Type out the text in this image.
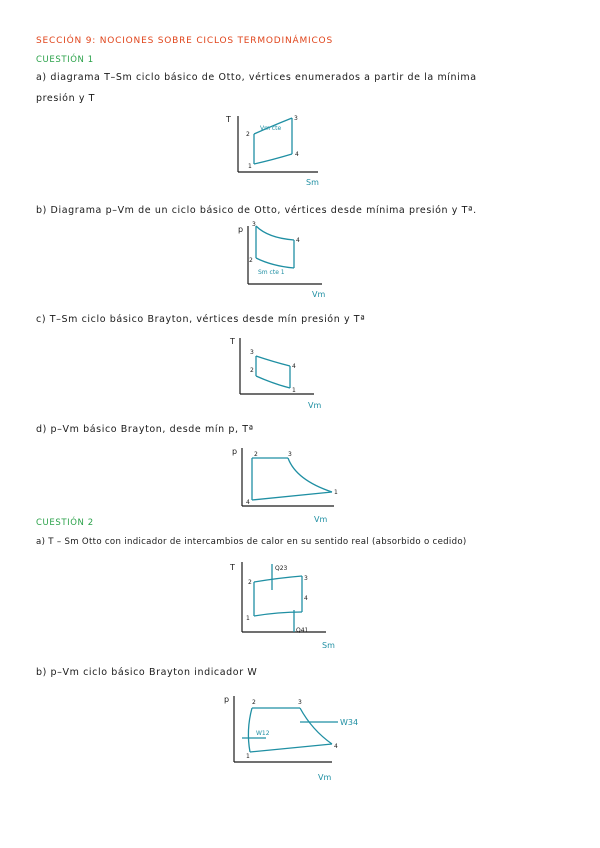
SECCIÓN 9: NOCIONES SOBRE CICLOS TERMODINÁMICOS
CUESTIÓN 1
a) diagrama T–Sm ciclo básico de Otto, vértices enumerados a partir de la mínima
presión y T
T
Sm
1
2
3
4
Vm cte
b) Diagrama p–Vm de un ciclo básico de Otto, vértices desde mínima presión y Tª.
p
Vm
3
2
4
Sm cte 1
c) T–Sm ciclo básico Brayton, vértices desde mín presión y Tª
T
Vm
3
2
4
1
d) p–Vm básico Brayton, desde mín p, Tª
p
Vm
2	3
1
4
CUESTIÓN 2
a) T – Sm Otto con indicador de intercambios de calor en su sentido real (absorbido o cedido)
T
Sm
2
3
4
1
Q23
Q41
b) p–Vm ciclo básico Brayton indicador W
p
Vm
2	3
4
1
W34
W12
